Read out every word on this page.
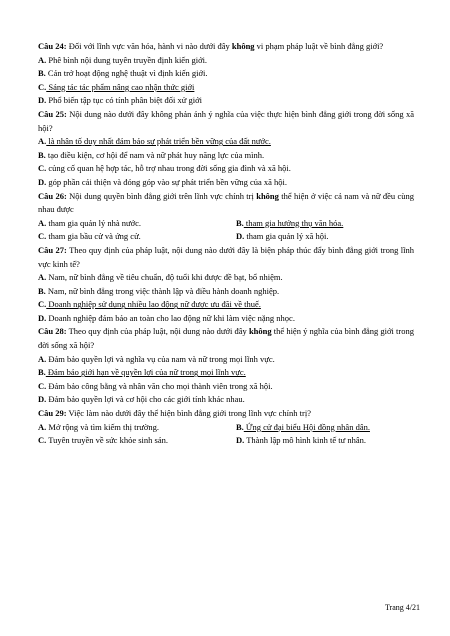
Câu 24: Đối với lĩnh vực văn hóa, hành vi nào dưới đây không vi phạm pháp luật về bình đẳng giới?

A. Phê bình nội dung tuyên truyền định kiến giới.

B. Cản trở hoạt động nghệ thuật vì định kiến giới.

C. Sáng tác tác phẩm nâng cao nhận thức giới

D. Phổ biến tập tục có tính phân biệt đối xử giới

Câu 25: Nội dung nào dưới đây không phản ánh ý nghĩa của việc thực hiện bình đẳng giới trong đời sống xã hội?

A. là nhân tố duy nhất đảm bảo sự phát triển bền vững của đất nước.

B. tạo điều kiện, cơ hội để nam và nữ phát huy năng lực của mình.

C. củng cố quan hệ hợp tác, hỗ trợ nhau trong đời sống gia đình và xã hội.

D. góp phần cải thiện và đóng góp vào sự phát triển bền vững của xã hội.

Câu 26: Nội dung quyền bình đẳng giới trên lĩnh vực chính trị không thể hiện ở việc cả nam và nữ đều cùng nhau được

A. tham gia quản lý nhà nước.	B. tham gia hưởng thụ văn hóa.
C. tham gia bầu cử và ứng cử.	D. tham gia quản lý xã hội.

Câu 27: Theo quy định của pháp luật, nội dung nào dưới đây là biện pháp thúc đẩy bình đẳng giới trong lĩnh vực kinh tế?

A. Nam, nữ bình đẳng về tiêu chuẩn, độ tuổi khi được đề bạt, bổ nhiệm.

B. Nam, nữ bình đẳng trong việc thành lập và điều hành doanh nghiệp.

C. Doanh nghiệp sử dụng nhiều lao động nữ được ưu đãi về thuế.

D. Doanh nghiệp đảm bảo an toàn cho lao động nữ khi làm việc nặng nhọc.

Câu 28: Theo quy định của pháp luật, nội dung nào dưới đây không thể hiện ý nghĩa của bình đẳng giới trong đời sống xã hội?

A. Đảm bảo quyền lợi và nghĩa vụ của nam và nữ trong mọi lĩnh vực.

B. Đảm bảo giới hạn về quyền lợi của nữ trong mọi lĩnh vực.

C. Đảm bảo công bằng và nhân văn cho mọi thành viên trong xã hội.

D. Đảm bảo quyền lợi và cơ hội cho các giới tính khác nhau.

Câu 29: Việc làm nào dưới đây thể hiện bình đẳng giới trong lĩnh vực chính trị?

A. Mở rộng và tìm kiếm thị trường.	B. Ứng cử đại biểu Hội đồng nhân dân.
C. Tuyên truyền về sức khỏe sinh sản.	D. Thành lập mô hình kinh tế tư nhân.
Trang 4/21
